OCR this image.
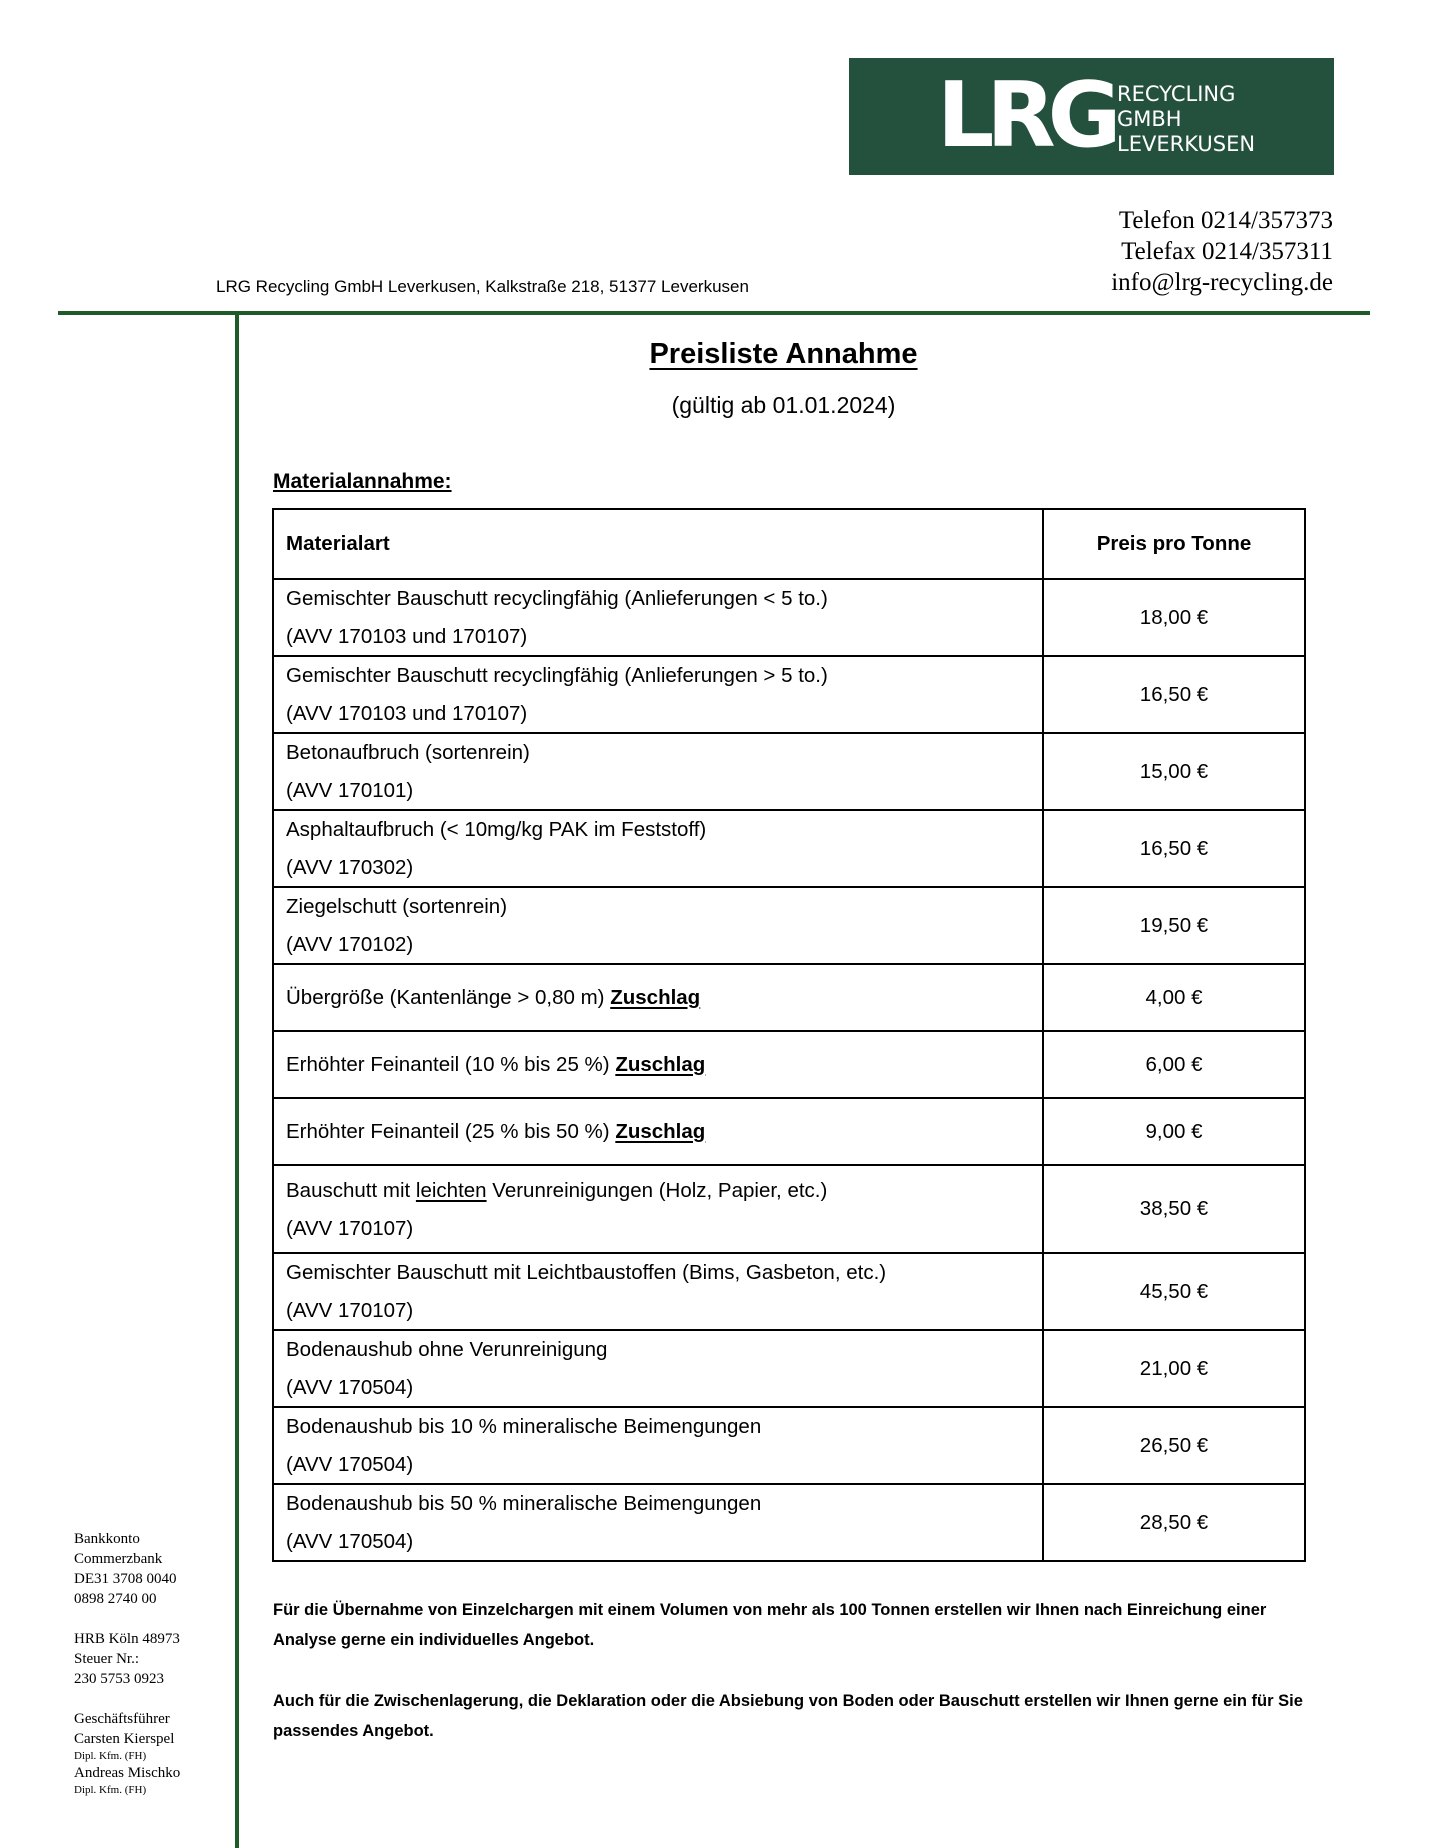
LRG RECYCLING
GMBH
LEVERKUSEN
Telefon 0214/357373
Telefax 0214/357311
info@lrg-recycling.de
LRG Recycling GmbH Leverkusen, Kalkstraße 218, 51377 Leverkusen
Preisliste Annahme
(gültig ab 01.01.2024)
Materialannahme:
Materialart	Preis pro Tonne

Gemischter Bauschutt recyclingfähig (Anlieferungen < 5 to.)
(AVV 170103 und 170107)	18,00 €

Gemischter Bauschutt recyclingfähig (Anlieferungen > 5 to.)
(AVV 170103 und 170107)	16,50 €

Betonaufbruch (sortenrein)
(AVV 170101)	15,00 €

Asphaltaufbruch (< 10mg/kg PAK im Feststoff)
(AVV 170302)	16,50 €

Ziegelschutt (sortenrein)
(AVV 170102)	19,50 €
Übergröße (Kantenlänge > 0,80 m) Zuschlag	4,00 €
Erhöhter Feinanteil (10 % bis 25 %) Zuschlag	6,00 €
Erhöhter Feinanteil (25 % bis 50 %) Zuschlag	9,00 €

Bauschutt mit leichten Verunreinigungen (Holz, Papier, etc.)
(AVV 170107)	38,50 €

Gemischter Bauschutt mit Leichtbaustoffen (Bims, Gasbeton, etc.)
(AVV 170107)	45,50 €

Bodenaushub ohne Verunreinigung
(AVV 170504)	21,00 €

Bodenaushub bis 10 % mineralische Beimengungen
(AVV 170504)	26,50 €

Bodenaushub bis 50 % mineralische Beimengungen
(AVV 170504)	28,50 €
Für die Übernahme von Einzelchargen mit einem Volumen von mehr als 100 Tonnen erstellen wir Ihnen nach Einreichung einer Analyse gerne ein individuelles Angebot.
Auch für die Zwischenlagerung, die Deklaration oder die Absiebung von Boden oder Bauschutt erstellen wir Ihnen gerne ein für Sie passendes Angebot.
Bankkonto
Commerzbank
DE31 3708 0040
0898 2740 00
HRB Köln 48973
Steuer Nr.:
230 5753 0923
Geschäftsführer
Carsten Kierspel
Dipl. Kfm. (FH)
Andreas Mischko
Dipl. Kfm. (FH)
